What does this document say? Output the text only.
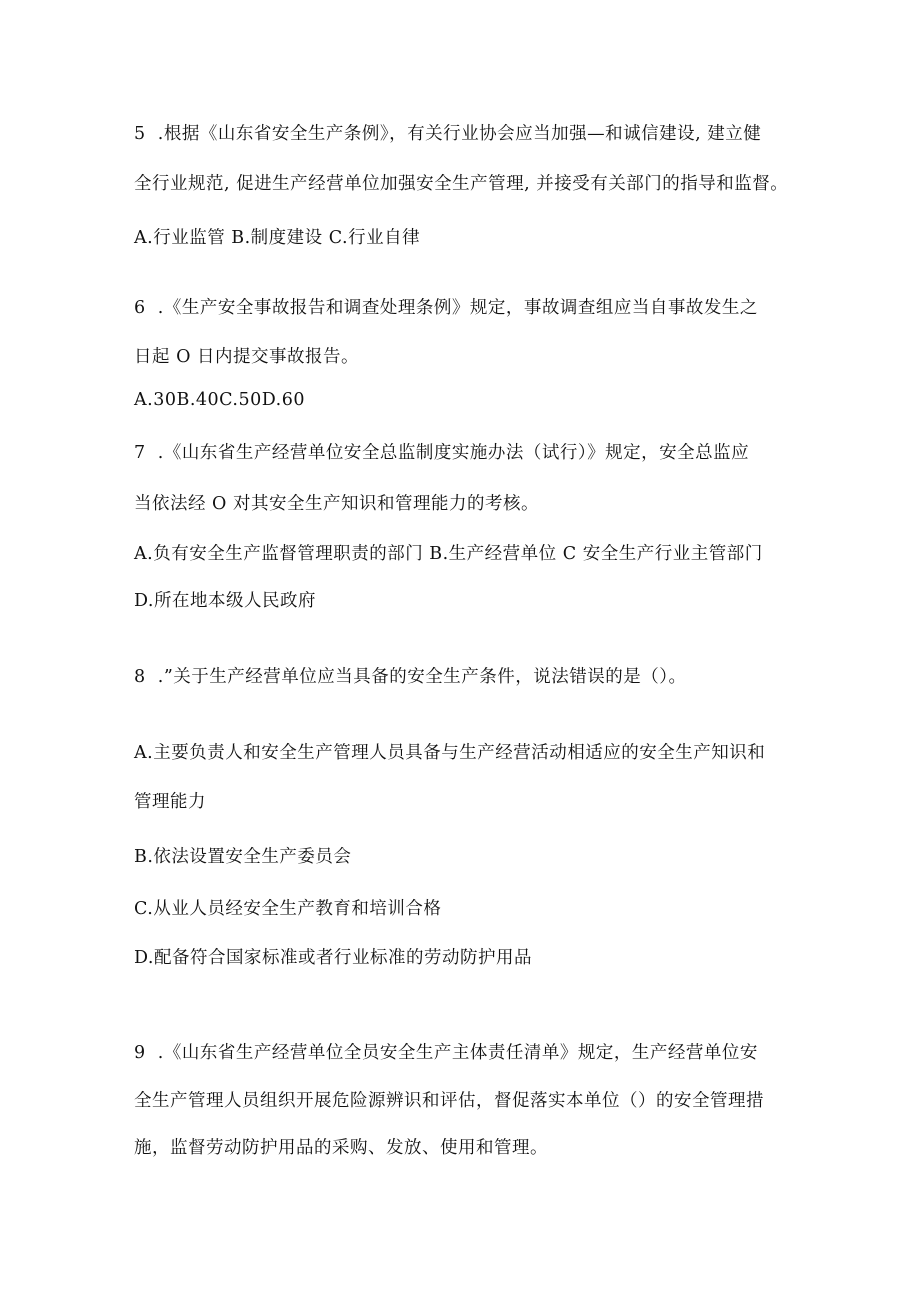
5  .根据《山东省安全生产条例》，有关行业协会应当加强—和诚信建设, 建立健
全行业规范, 促进生产经营单位加强安全生产管理, 并接受有关部门的指导和监督。
A.行业监管 B.制度建设 C.行业自律
6  .《生产安全事故报告和调查处理条例》规定，事故调查组应当自事故发生之
日起 O 日内提交事故报告。
A.30B.40C.50D.60
7  .《山东省生产经营单位安全总监制度实施办法（试行）》规定，安全总监应
当依法经 O 对其安全生产知识和管理能力的考核。
A.负有安全生产监督管理职责的部门 B.生产经营单位 C 安全生产行业主管部门
D.所在地本级人民政府
8  .”关于生产经营单位应当具备的安全生产条件，说法错误的是（）。
A.主要负责人和安全生产管理人员具备与生产经营活动相适应的安全生产知识和
管理能力
B.依法设置安全生产委员会
C.从业人员经安全生产教育和培训合格
D.配备符合国家标准或者行业标准的劳动防护用品
9  .《山东省生产经营单位全员安全生产主体责任清单》规定，生产经营单位安
全生产管理人员组织开展危险源辨识和评估，督促落实本单位（）的安全管理措
施，监督劳动防护用品的采购、发放、使用和管理。
